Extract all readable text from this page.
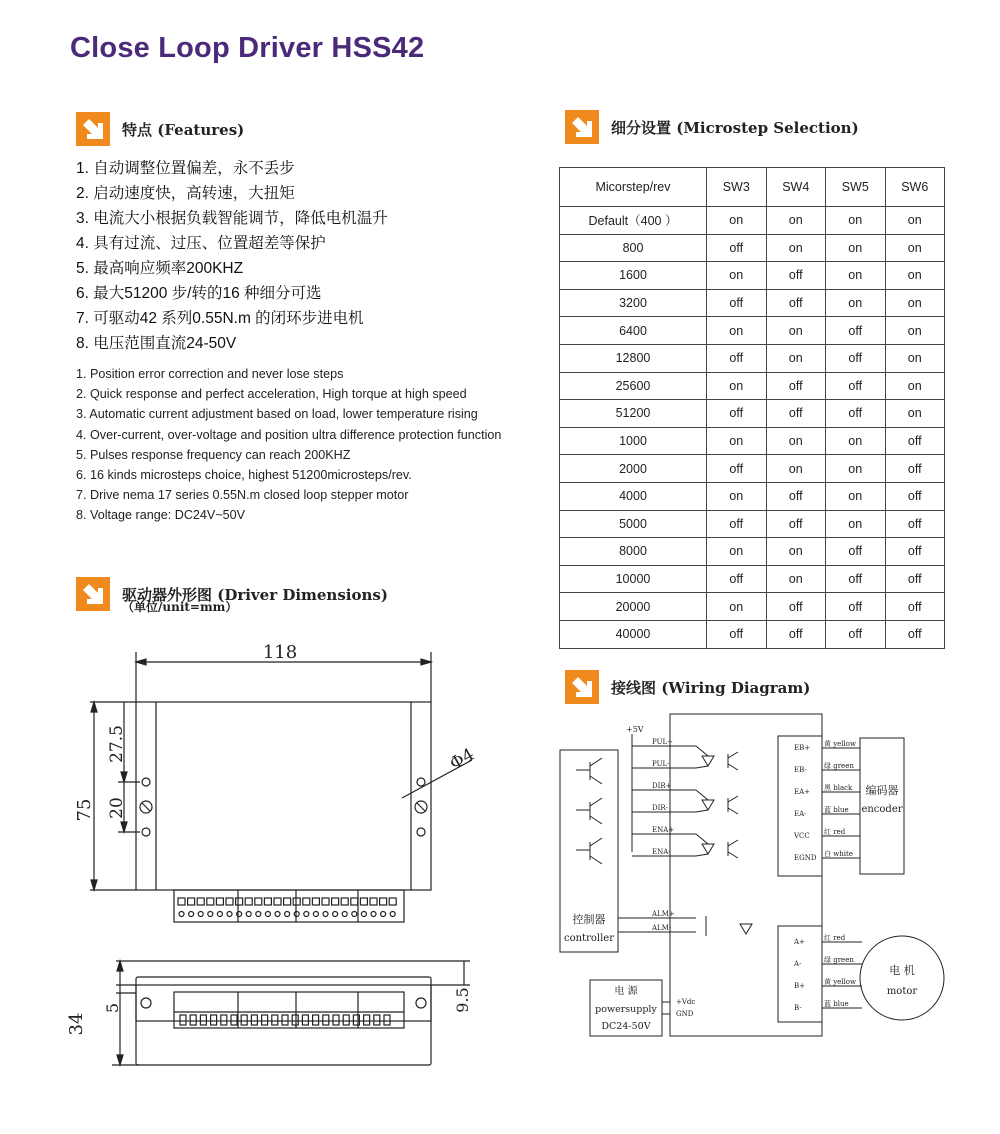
Close Loop Driver HSS42
特点 (Features)
1. 自动调整位置偏差，永不丢步
2. 启动速度快，高转速，大扭矩
3. 电流大小根据负载智能调节，降低电机温升
4. 具有过流、过压、位置超差等保护
5. 最高响应频率200KHZ
6. 最大51200 步/转的16 种细分可选
7. 可驱动42 系列0.55N.m 的闭环步进电机
8. 电压范围直流24-50V
1. Position error correction and never lose steps
2. Quick response and perfect acceleration, High torque at high speed
3. Automatic current adjustment based on load, lower temperature rising
4. Over-current, over-voltage and position ultra difference protection function
5. Pulses response frequency can reach 200KHZ
6. 16 kinds microsteps choice, highest 51200microsteps/rev.
7. Drive nema 17 series 0.55N.m closed loop stepper motor
8. Voltage range: DC24V~50V
细分设置 (Microstep Selection)
Micorstep/rev	SW3	SW4	SW5	SW6
Default（400 ）	on	on	on	on
800	off	on	on	on
1600	on	off	on	on
3200	off	off	on	on
6400	on	on	off	on
12800	off	on	off	on
25600	on	off	off	on
51200	off	off	off	on
1000	on	on	on	off
2000	off	on	on	off
4000	on	off	on	off
5000	off	off	on	off
8000	on	on	off	off
10000	off	on	off	off
20000	on	off	off	off
40000	off	off	off	off
驱动器外形图 (Driver Dimensions)
（单位/unit=mm）
118
75
27.5
20
Φ4
34
5	9.5
接线图 (Wiring Diagram)
控制器
controller
+5V
PUL+
PUL-
DIR+
DIR-
ENA+
ENA-
ALM+
ALM-
电 源
powersupply
DC24-50V
+Vdc
GND
EB+ 黄 yellow
EB- 绿 green
EA+ 黑 black
EA- 蓝 blue
VCC 红 red
EGND 白 white
编码器
encoder
A+	红 red
A-	绿 green
B+	黄 yellow
B-	蓝 blue
电 机
motor
